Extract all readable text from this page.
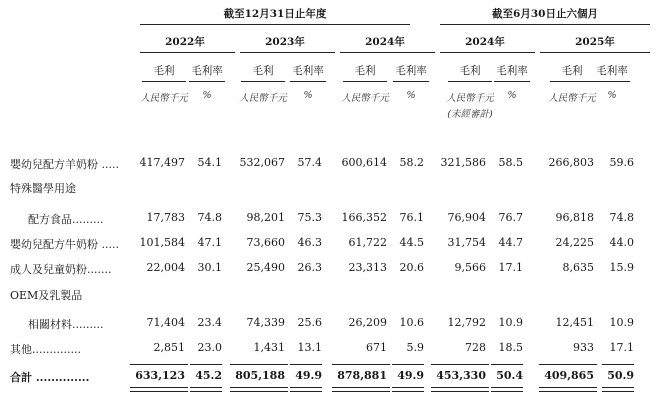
截至12月31日止年度	截至6月30日止六個月
2022年	2023年	2024年	2024年	2025年
毛利	毛利率
人民幣千元	%
毛利	毛利率
人民幣千元	%
毛利	毛利率
人民幣千元	%
毛利	毛利率
人民幣千元	%
毛利	毛利率
人民幣千元	%
(未經審計)
嬰幼兒配方羊奶粉 .....	417,497	54.1	532,067	57.4	600,614	58.2	321,586	58.5	266,803	59.6
特殊醫學用途
配方食品.........	17,783	74.8	98,201	75.3	166,352	76.1	76,904	76.7	96,818	74.8
嬰幼兒配方牛奶粉 .....	101,584	47.1	73,660	46.3	61,722	44.5	31,754	44.7	24,225	44.0
成人及兒童奶粉.......	22,004	30.1	25,490	26.3	23,313	20.6	9,566	17.1	8,635	15.9
OEM及乳製品
相關材料.........	71,404	23.4	74,339	25.6	26,209	10.6	12,792	10.9	12,451	10.9
其他..............	2,851	23.0	1,431	13.1	671	5.9	728	18.5	933	17.1
合計 ..............	633,123 45.2	805,188 49.9	878,881 49.9	453,330 50.4	409,865	50.9
